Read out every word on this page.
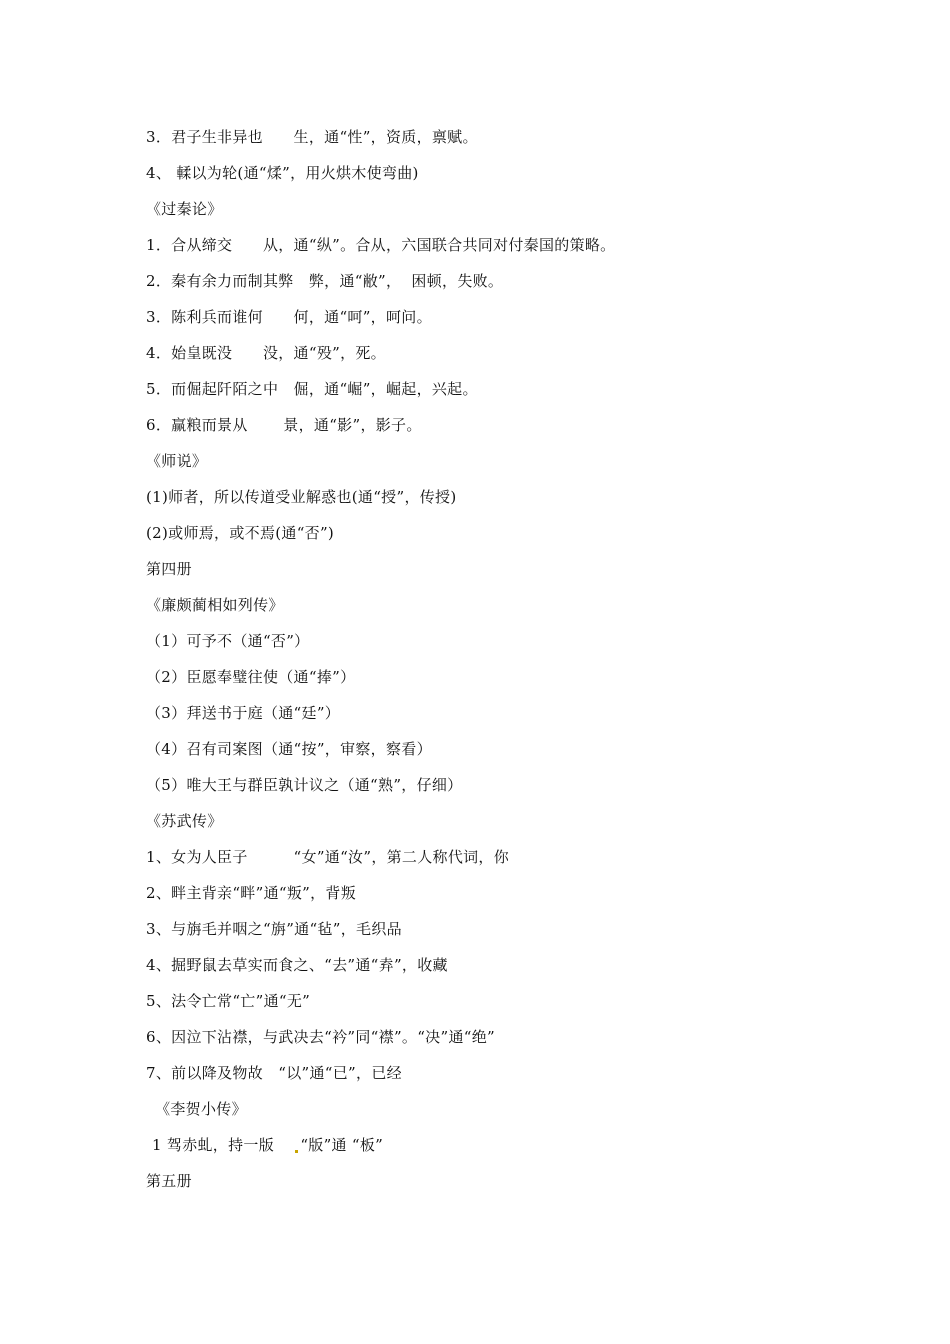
3．君子生非异也　　生，通“性”，资质，禀赋。
4、 輮以为轮(通“煣”，用火烘木使弯曲)
《过秦论》
1．合从缔交　　从，通“纵”。合从，六国联合共同对付秦国的策略。
2．秦有余力而制其弊　弊，通“敝”，  困顿，失败。
3．陈利兵而谁何　　何，通“呵”，呵问。
4．始皇既没　　没，通“殁”，死。
5．而倔起阡陌之中　倔，通“崛”，崛起，兴起。
6．赢粮而景从　　 景，通“影”，影子。
《师说》
(1)师者，所以传道受业解惑也(通“授”，传授)
(2)或师焉，或不焉(通“否”)
第四册
《廉颇蔺相如列传》
（1）可予不（通“否”）
（2）臣愿奉璧往使（通“捧”）
（3）拜送书于庭（通“廷”）
（4）召有司案图（通“按”，审察，察看）
（5）唯大王与群臣孰计议之（通“熟”，仔细）
《苏武传》
1、女为人臣子　　　“女”通“汝”，第二人称代词，你
2、畔主背亲“畔”通“叛”，背叛
3、与旃毛并咽之“旃”通“毡”，毛织品
4、掘野鼠去草实而食之、“去”通“弆”，收藏
5、法令亡常“亡”通“无”
6、因泣下沾襟，与武决去“衿”同“襟”。“决”通“绝”
7、前以降及物故　“以”通“已”，已经
《李贺小传》
1 驾赤虬，持一版　“版”通 “板”
第五册
